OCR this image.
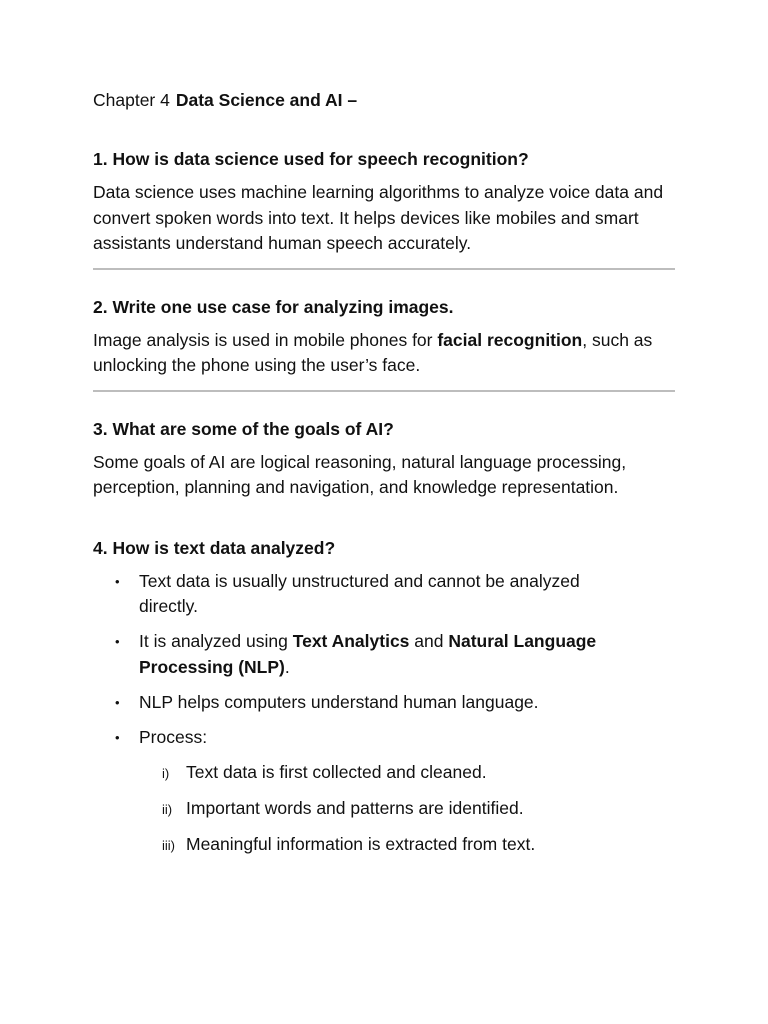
Chapter 4 Data Science and AI –

1. How is data science used for speech recognition?

Data science uses machine learning algorithms to analyze voice data and convert spoken words into text. It helps devices like mobiles and smart assistants understand human speech accurately.

2. Write one use case for analyzing images.

Image analysis is used in mobile phones for facial recognition, such as unlocking the phone using the user’s face.

3. What are some of the goals of AI?

Some goals of AI are logical reasoning, natural language processing, perception, planning and navigation, and knowledge representation.

4. How is text data analyzed?

• Text data is usually unstructured and cannot be analyzed directly.
• It is analyzed using Text Analytics and Natural Language Processing (NLP).
• NLP helps computers understand human language.
• Process:
i) Text data is first collected and cleaned.
ii) Important words and patterns are identified.
iii) Meaningful information is extracted from text.
